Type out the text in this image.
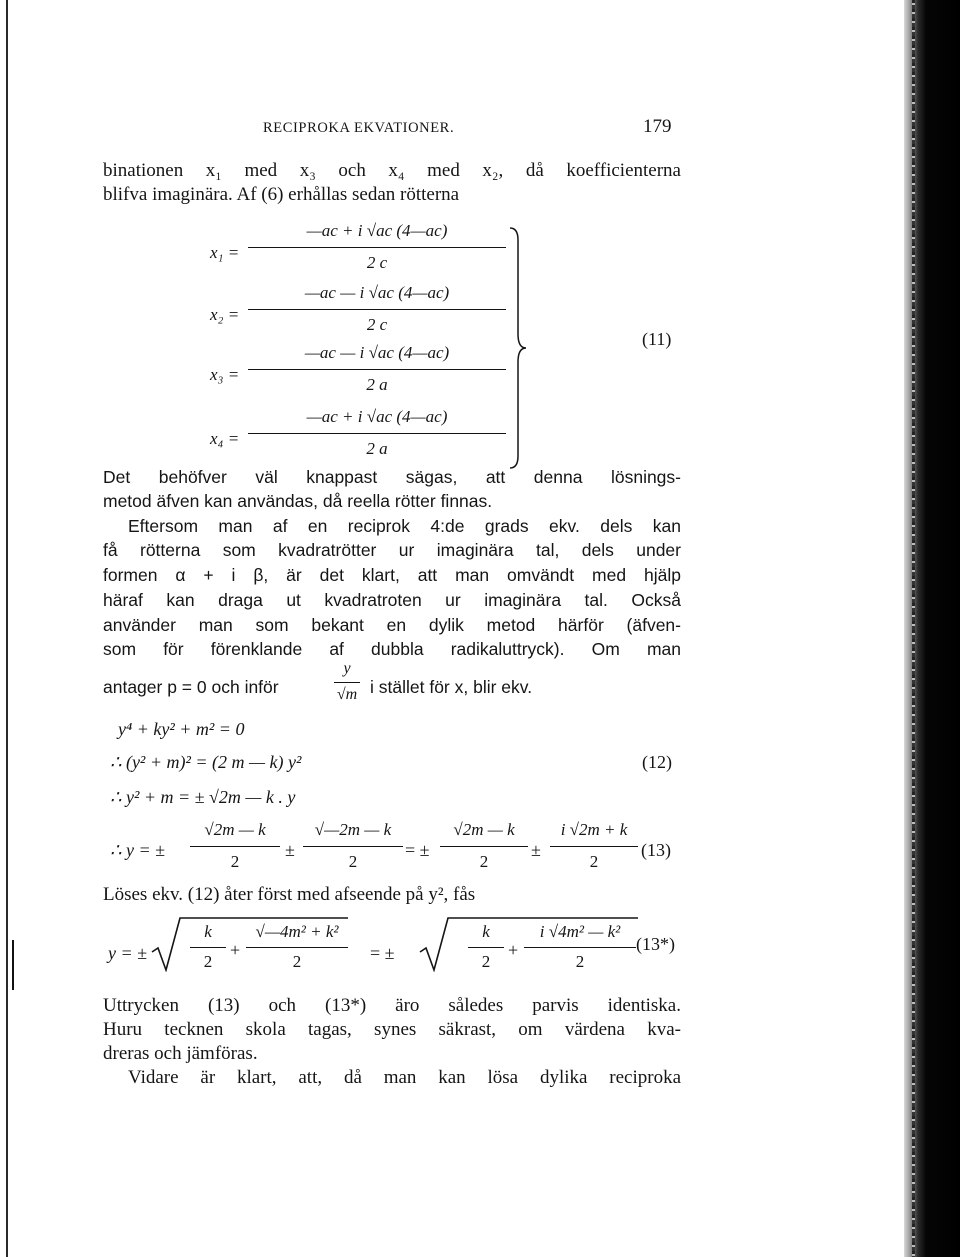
RECIPROKA EKVATIONER.	179
binationen x₁ med x₃ och x₄ med x₂, då koefficienterna
blifva imaginära. Af (6) erhållas sedan rötterna
x₁ =
—ac + i √ac (4—ac)
2 c
x₂ =
—ac — i √ac (4—ac)
2 c
x₃ =
—ac — i √ac (4—ac)
2 a
x₄ =
—ac + i √ac (4—ac)
2 a
(11)
Det behöfver väl knappast sägas, att denna lösnings-
metod äfven kan användas, då reella rötter finnas.
Eftersom man af en reciprok 4:de grads ekv. dels kan
få rötterna som kvadratrötter ur imaginära tal, dels under
formen α + i β, är det klart, att man omvändt med hjälp
häraf kan draga ut kvadratroten ur imaginära tal. Också
använder man som bekant en dylik metod härför (äfven-
som för förenklande af dubbla radikaluttryck). Om man
antager p = 0 och inför
y
√m i stället för x, blir ekv.
y⁴ + ky² + m² = 0
∴ (y² + m)² = (2 m — k) y²	(12)
∴ y² + m = ± √2m — k . y
∴ y = ±
√2m — k
2
±
√—2m — k
2
= ±
√2m — k
2
±
i √2m + k
2
(13)
Löses ekv. (12) åter först med afseende på y², fås
y = ±
k
2
+
√—4m² + k²
2	= ±
k
2
+
i √4m² — k²
2
(13*)
Uttrycken (13) och (13*) äro således parvis identiska.
Huru tecknen skola tagas, synes säkrast, om värdena kva-
dreras och jämföras.
Vidare är klart, att, då man kan lösa dylika reciproka
